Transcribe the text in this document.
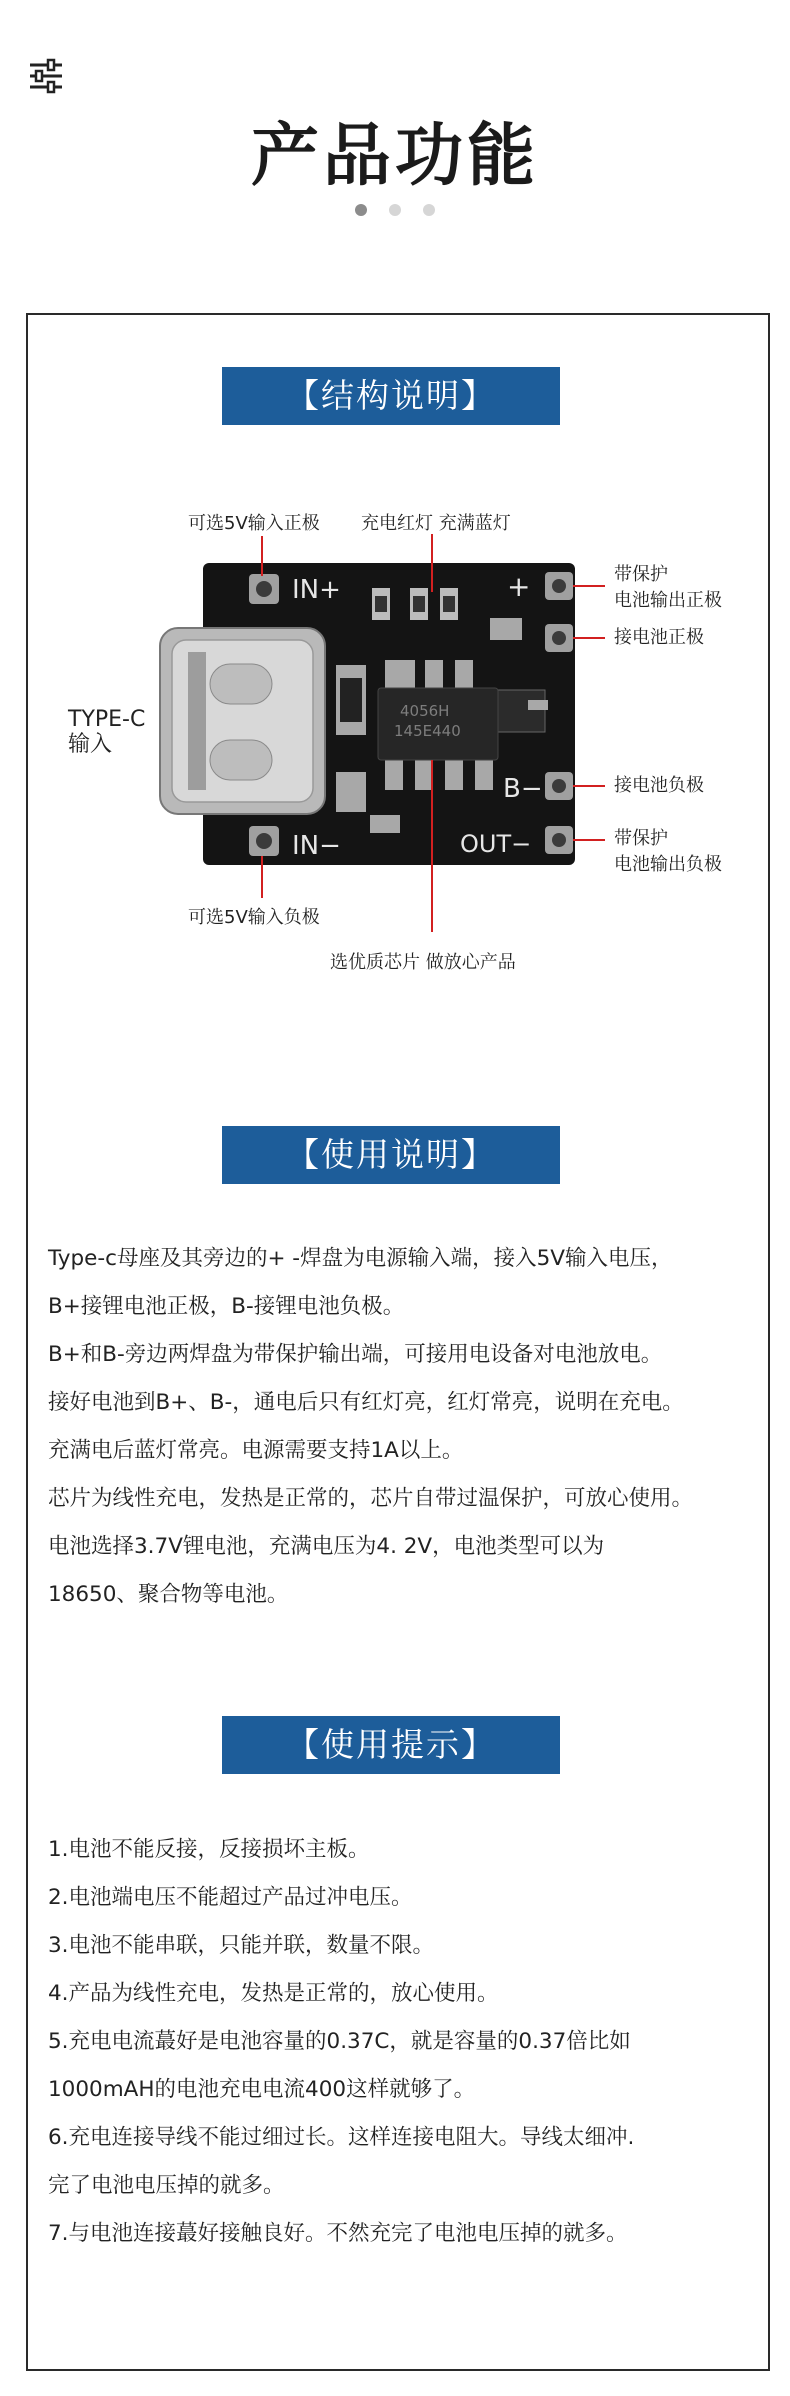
产品功能
【结构说明】
IN+
IN−
+
B−
OUT−
4056H
145E440
可选5V输入正极 充电红灯 充满蓝灯
带保护
电池输出正极
接电池正极
接电池负极
带保护
电池输出负极
TYPE-C
输入
可选5V输入负极
选优质芯片 做放心产品
【使用说明】
Type-c母座及其旁边的+ -焊盘为电源输入端，接入5V输入电压，
B+接锂电池正极，B-接锂电池负极。
B+和B-旁边两焊盘为带保护输出端，可接用电设备对电池放电。
接好电池到B+、B-，通电后只有红灯亮，红灯常亮，说明在充电。
充满电后蓝灯常亮。电源需要支持1A以上。
芯片为线性充电，发热是正常的，芯片自带过温保护，可放心使用。
电池选择3.7V锂电池，充满电压为4. 2V，电池类型可以为
18650、聚合物等电池。
【使用提示】
1.电池不能反接，反接损坏主板。
2.电池端电压不能超过产品过冲电压。
3.电池不能串联，只能并联，数量不限。
4.产品为线性充电，发热是正常的，放心使用。
5.充电电流蕞好是电池容量的0.37C，就是容量的0.37倍比如
1000mAH的电池充电电流400这样就够了。
6.充电连接导线不能过细过长。这样连接电阻大。导线太细冲.
完了电池电压掉的就多。
7.与电池连接蕞好接触良好。不然充完了电池电压掉的就多。
